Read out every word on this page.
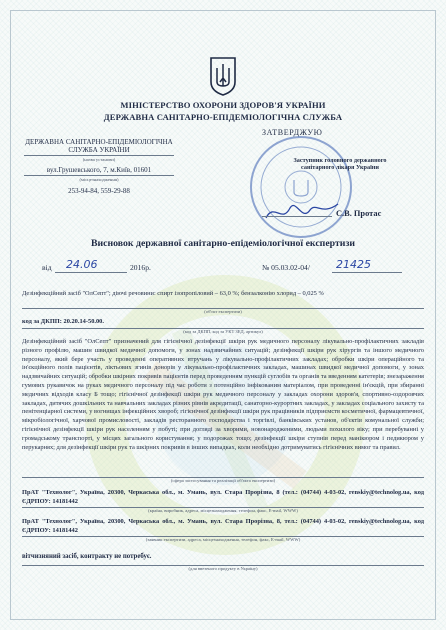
МІНІСТЕРСТВО ОХОРОНИ ЗДОРОВ'Я УКРАЇНИ
ДЕРЖАВНА САНІТАРНО-ЕПІДЕМІОЛОГІЧНА СЛУЖБА
ДЕРЖАВНА САНІТАРНО-ЕПІДЕМІОЛОГІЧНА
СЛУЖБА УКРАЇНИ
(назва установи)
вул.Грушевського, 7, м.Київ, 01601
(місцезнаходження)
253-94-84, 559-29-88
ЗАТВЕРДЖУЮ
Заступник головного державного
санітарного лікаря України
С.В. Протас
Висновок державної санітарно-епідеміологічної експертизи
від 24.06	2016р.	№ 05.03.02-04/ 21425
Дезінфекційний засіб "ОлСепт"; діючі речовини: спирт ізопропіловий – 63,0 %; бензалконію хлорид – 0,025 %
(об'єкт експертизи)
код за ДКПП: 20.20.14-50.00.
(код за ДКПП, код за УКТ ЗЕД, артикул)
Дезінфекційний засіб "ОлСепт" призначений для гігієнічної дезінфекції шкіри рук медичного персоналу лікувально-профілактичних закладів різного профілю, машин швидкої медичної допомоги, у зонах надзвичайних ситуацій; дезінфекції шкіри рук хірургів та іншого медичного персоналу, який бере участь у проведенні оперативних втручань у лікувально-профілактичних закладах; обробки шкіри операційного та ін'єкційного полів пацієнтів, ліктьових згинів донорів у лікувально-профілактичних закладах, машинах швидкої медичної допомоги, у зонах надзвичайних ситуацій; обробки шкірних покривів пацієнтів перед проведенням пункцій суглобів та органів та введенням катетерів; знезараження гумових рукавичок на руках медичного персоналу під час роботи з потенційно інфікованим матеріалом, при проведенні ін'єкцій, при збиранні медичних відходів класу Б тощо; гігієнічної дезінфекції шкіри рук медичного персоналу у закладах охорони здоров'я, спортивно-оздоровчих закладах, дитячих дошкільних та навчальних закладах різних рівнів акредитації, санаторно-курортних закладах, у закладах соціального захисту та пенітенціарної системи, у вогнищах інфекційних хвороб; гігієнічної дезінфекції шкіри рук працівників підприємств косметичної, фармацевтичної, мікробіологічної, харчової промисловості, закладів ресторанного господарства і торгівлі, банківських установ, об'єктів комунальної служби; гігієнічної дезінфекції шкіри рук населенням у побуті; при догляді за хворими, новонародженими, людьми похилого віку; при перебуванні у громадському транспорті, у місцях загального користування; у подорожах тощо; дезінфекції шкіри ступнів перед манікюром і педикюром у перукарнях; для дезінфекції шкіри рук та шкірних покривів в інших випадках, коли необхідно дотримуватись гігієнічних вимог та правил.
(сфера застосування та реалізації об'єкта експертизи)
ПрАТ "Технолог", Україна, 20300, Черкаська обл., м. Умань, вул. Стара Прорізна, 8 (тел.: (04744) 4-03-02, renskiy@technolog.ua, код ЄДРПОУ: 14181442
(країна, виробник, адреса, місцезнаходження, телефон, факс, E-mail, WWW)
ПрАТ "Технолог", Україна, 20300, Черкаська обл., м. Умань, вул. Стара Прорізна, 8, тел.: (04744) 4-03-02, renskiy@technolog.ua, код ЄДРПОУ: 14181442
(заявник експертизи, адреса, місцезнаходження, телефон, факс, E-mail, WWW)
вітчизняний засіб, контракту не потребує.
(для ввезеного продукту в Україну)
